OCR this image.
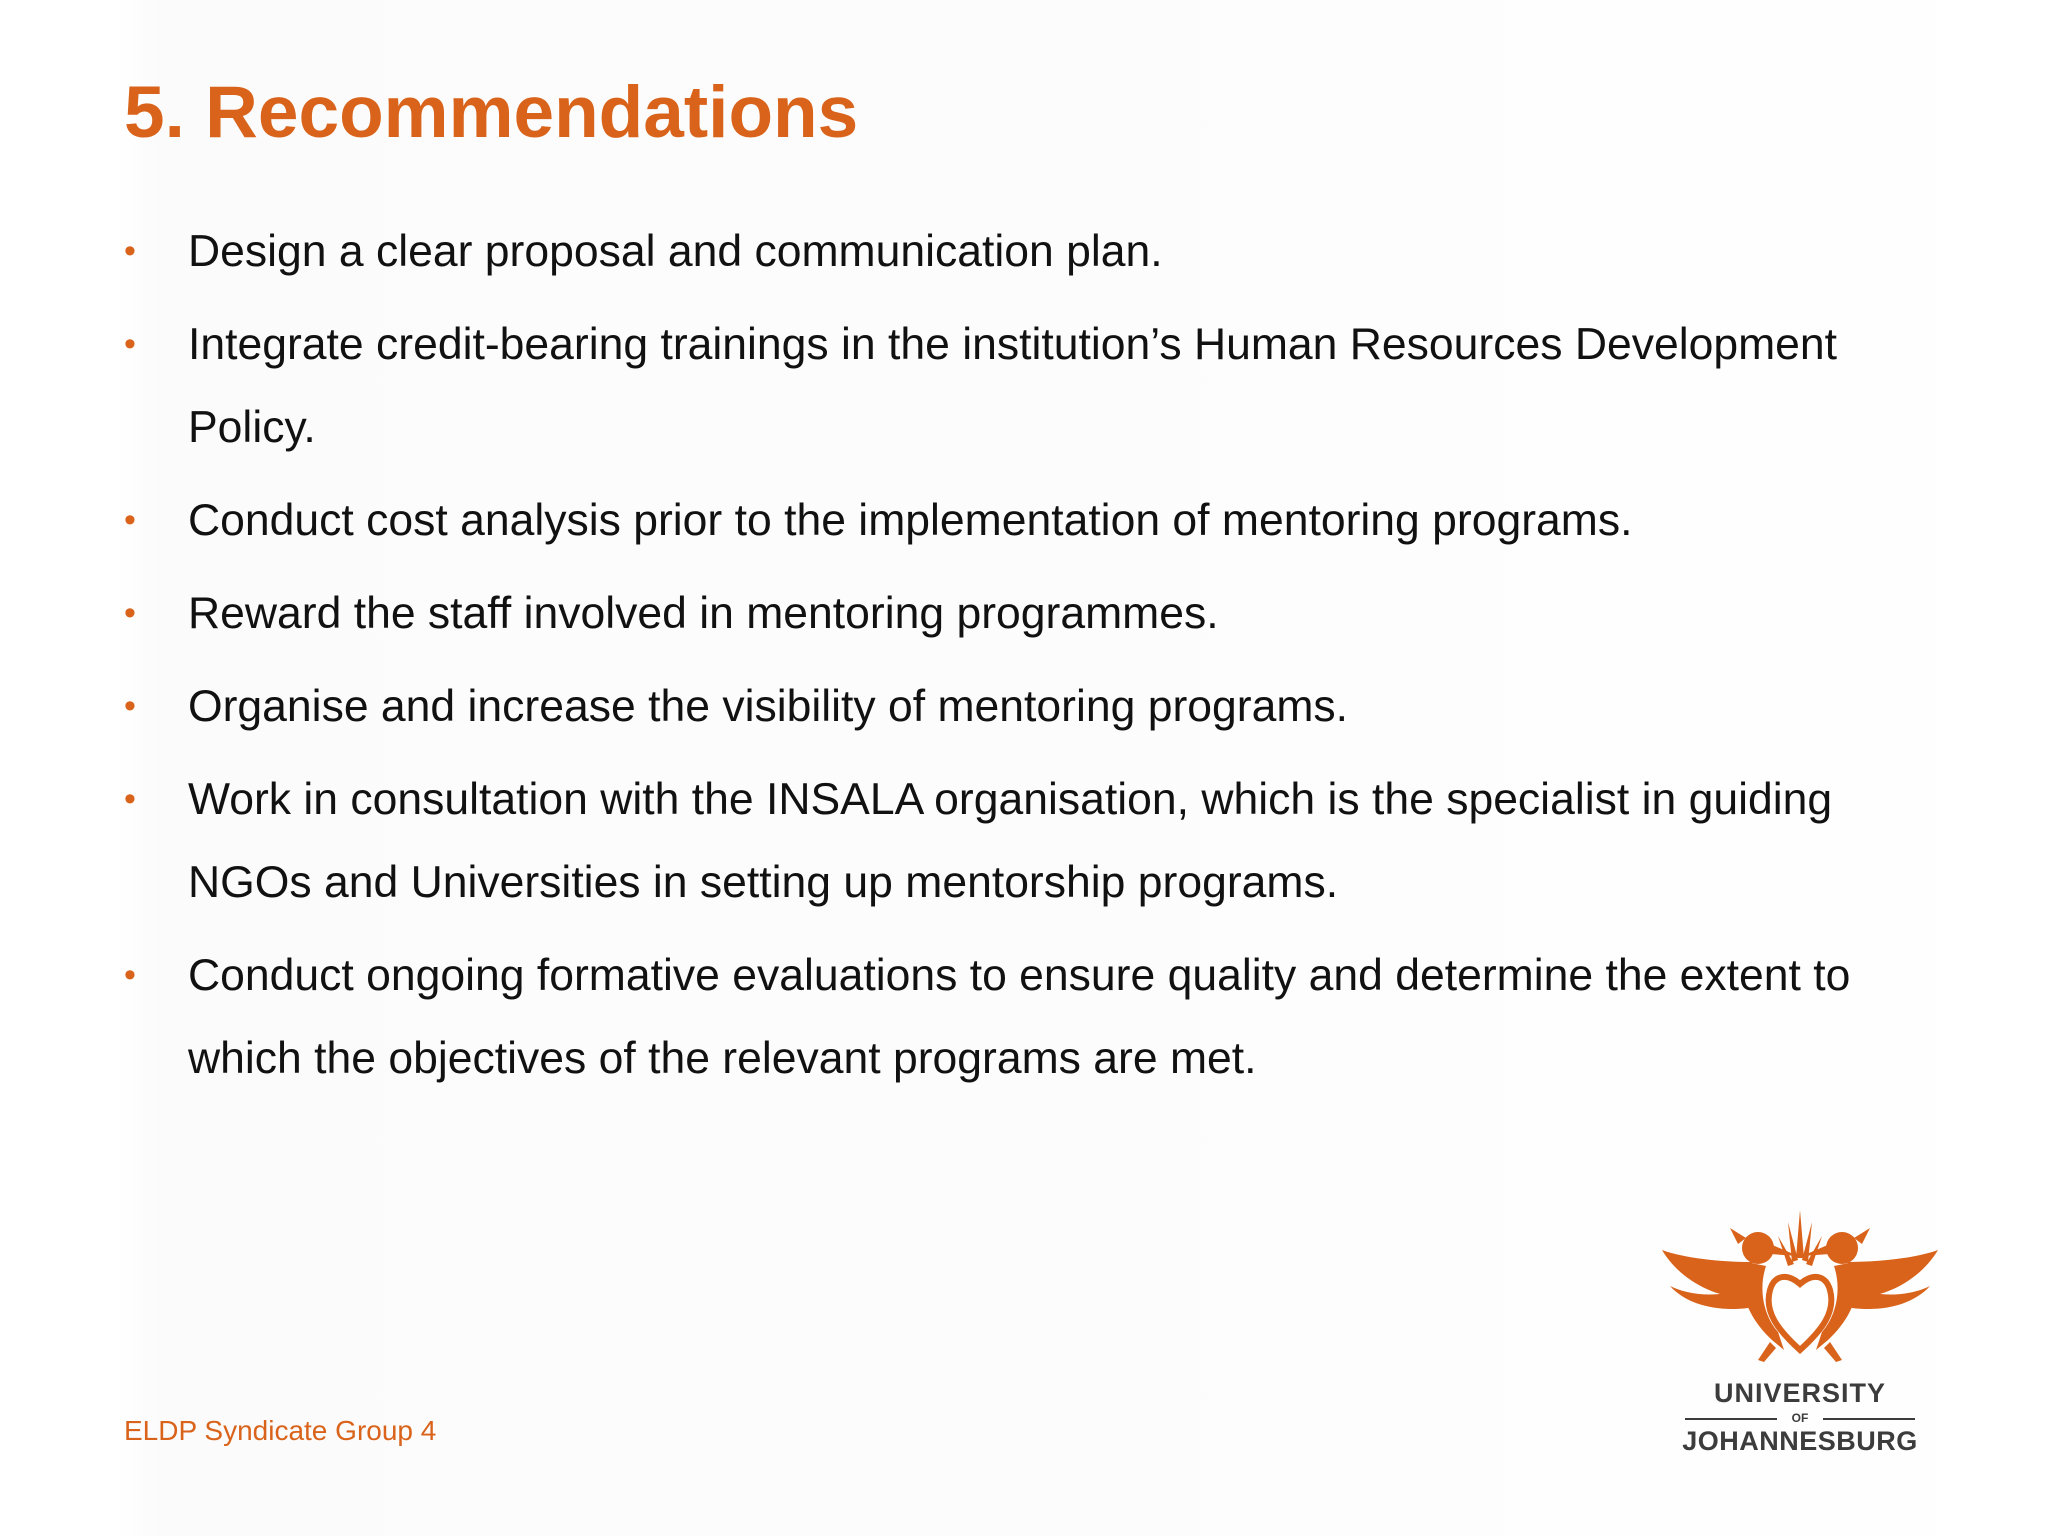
5. Recommendations
•	Design a clear proposal and communication plan.
•	Integrate credit-bearing trainings in the institution’s Human Resources Development Policy.
•	Conduct cost analysis prior to the implementation of mentoring programs.
•	Reward the staff involved in mentoring programmes.
•	Organise and increase the visibility of mentoring programs.
•	Work in consultation with the INSALA organisation, which is the specialist in guiding NGOs and Universities in setting up mentorship programs.
•	Conduct ongoing formative evaluations to ensure quality and determine the extent to which the objectives of the relevant programs are met.
ELDP Syndicate Group 4
UNIVERSITY
OF
JOHANNESBURG
